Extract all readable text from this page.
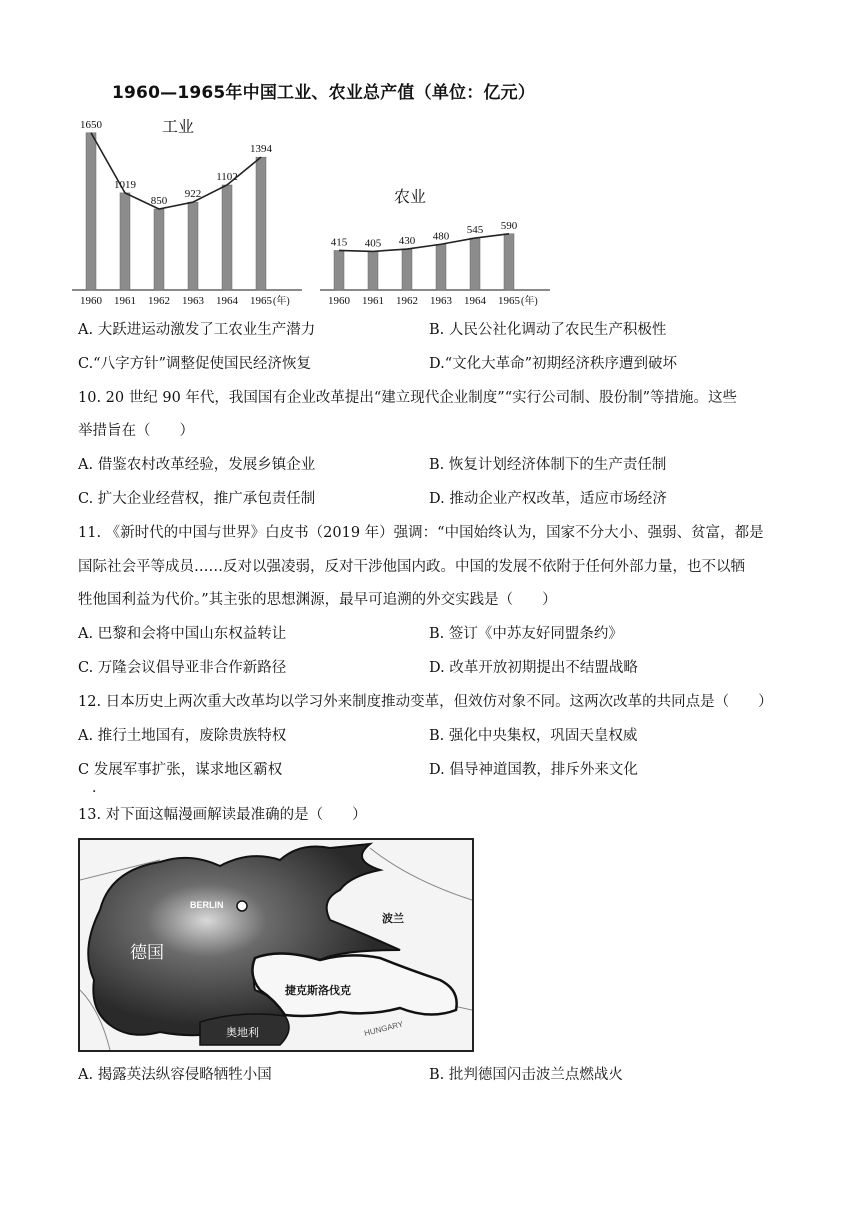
1960—1965年中国工业、农业总产值（单位：亿元）
工业
1650
1960
1019
1961
850
1962
922
1963
1102
1964
1394
1965 (年)
农业
415
1960
405
1961
430
1962
480
1963
545
1964
590
1965 (年)
A. 大跃进运动激发了工农业生产潜力	B. 人民公社化调动了农民生产积极性
C.“八字方针”调整促使国民经济恢复	D.“文化大革命”初期经济秩序遭到破坏
10. 20 世纪 90 年代，我国国有企业改革提出“建立现代企业制度”“实行公司制、股份制”等措施。这些
举措旨在（　　）
A. 借鉴农村改革经验，发展乡镇企业	B. 恢复计划经济体制下的生产责任制
C. 扩大企业经营权，推广承包责任制	D. 推动企业产权改革，适应市场经济
11. 《新时代的中国与世界》白皮书（2019 年）强调：“中国始终认为，国家不分大小、强弱、贫富，都是
国际社会平等成员……反对以强凌弱，反对干涉他国内政。中国的发展不依附于任何外部力量，也不以牺
牲他国利益为代价。”其主张的思想渊源，最早可追溯的外交实践是（　　）
A. 巴黎和会将中国山东权益转让	B. 签订《中苏友好同盟条约》
C. 万隆会议倡导亚非合作新路径	D. 改革开放初期提出不结盟战略
12. 日本历史上两次重大改革均以学习外来制度推动变革，但效仿对象不同。这两次改革的共同点是（　　）
A. 推行土地国有，废除贵族特权	B. 强化中央集权，巩固天皇权威
C 发展军事扩张，谋求地区霸权	D. 倡导神道国教，排斥外来文化
·
13. 对下面这幅漫画解读最准确的是（　　）
BERLIN
德国
波兰
捷克斯洛伐克
奥地利	HUNGARY
A. 揭露英法纵容侵略牺牲小国	B. 批判德国闪击波兰点燃战火
